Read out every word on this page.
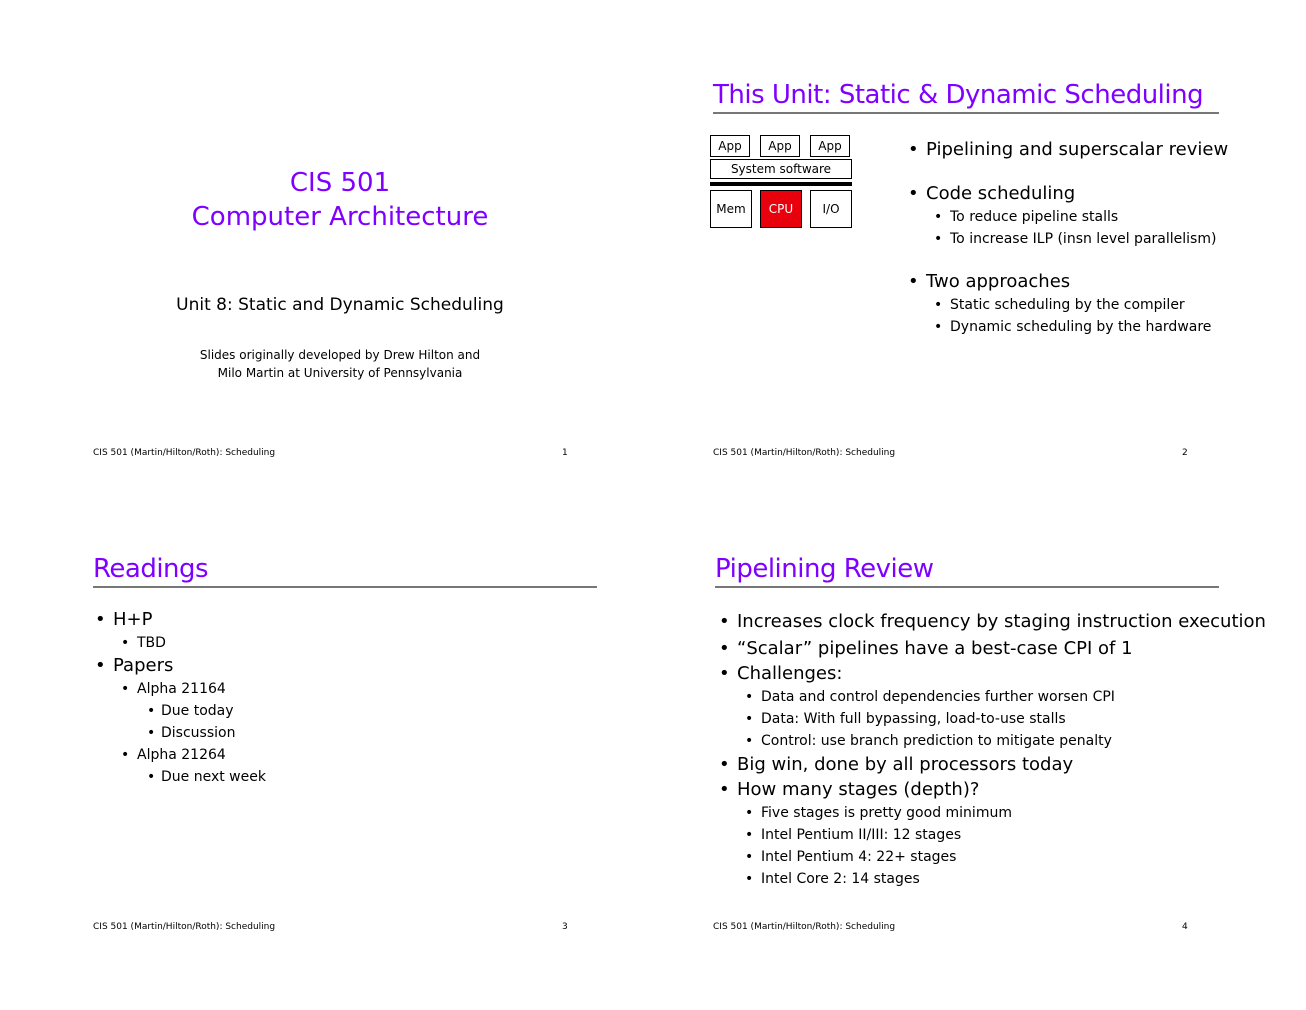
CIS 501
Computer Architecture
Unit 8: Static and Dynamic Scheduling
Slides originally developed by Drew Hilton and
Milo Martin at University of Pennsylvania
CIS 501 (Martin/Hilton/Roth): Scheduling	1
This Unit: Static & Dynamic Scheduling
App	App	App
System software
Mem	CPU	I/O
• Pipelining and superscalar review
• Code scheduling
• To reduce pipeline stalls
• To increase ILP (insn level parallelism)
• Two approaches
• Static scheduling by the compiler
• Dynamic scheduling by the hardware
CIS 501 (Martin/Hilton/Roth): Scheduling	2
Readings
• H+P
• TBD
• Papers
• Alpha 21164
• Due today
• Discussion
• Alpha 21264
• Due next week
CIS 501 (Martin/Hilton/Roth): Scheduling	3
Pipelining Review
• Increases clock frequency by staging instruction execution
• “Scalar” pipelines have a best-case CPI of 1
• Challenges:
• Data and control dependencies further worsen CPI
• Data: With full bypassing, load-to-use stalls
• Control: use branch prediction to mitigate penalty
• Big win, done by all processors today
• How many stages (depth)?
• Five stages is pretty good minimum
• Intel Pentium II/III: 12 stages
• Intel Pentium 4: 22+ stages
• Intel Core 2: 14 stages
CIS 501 (Martin/Hilton/Roth): Scheduling	4
